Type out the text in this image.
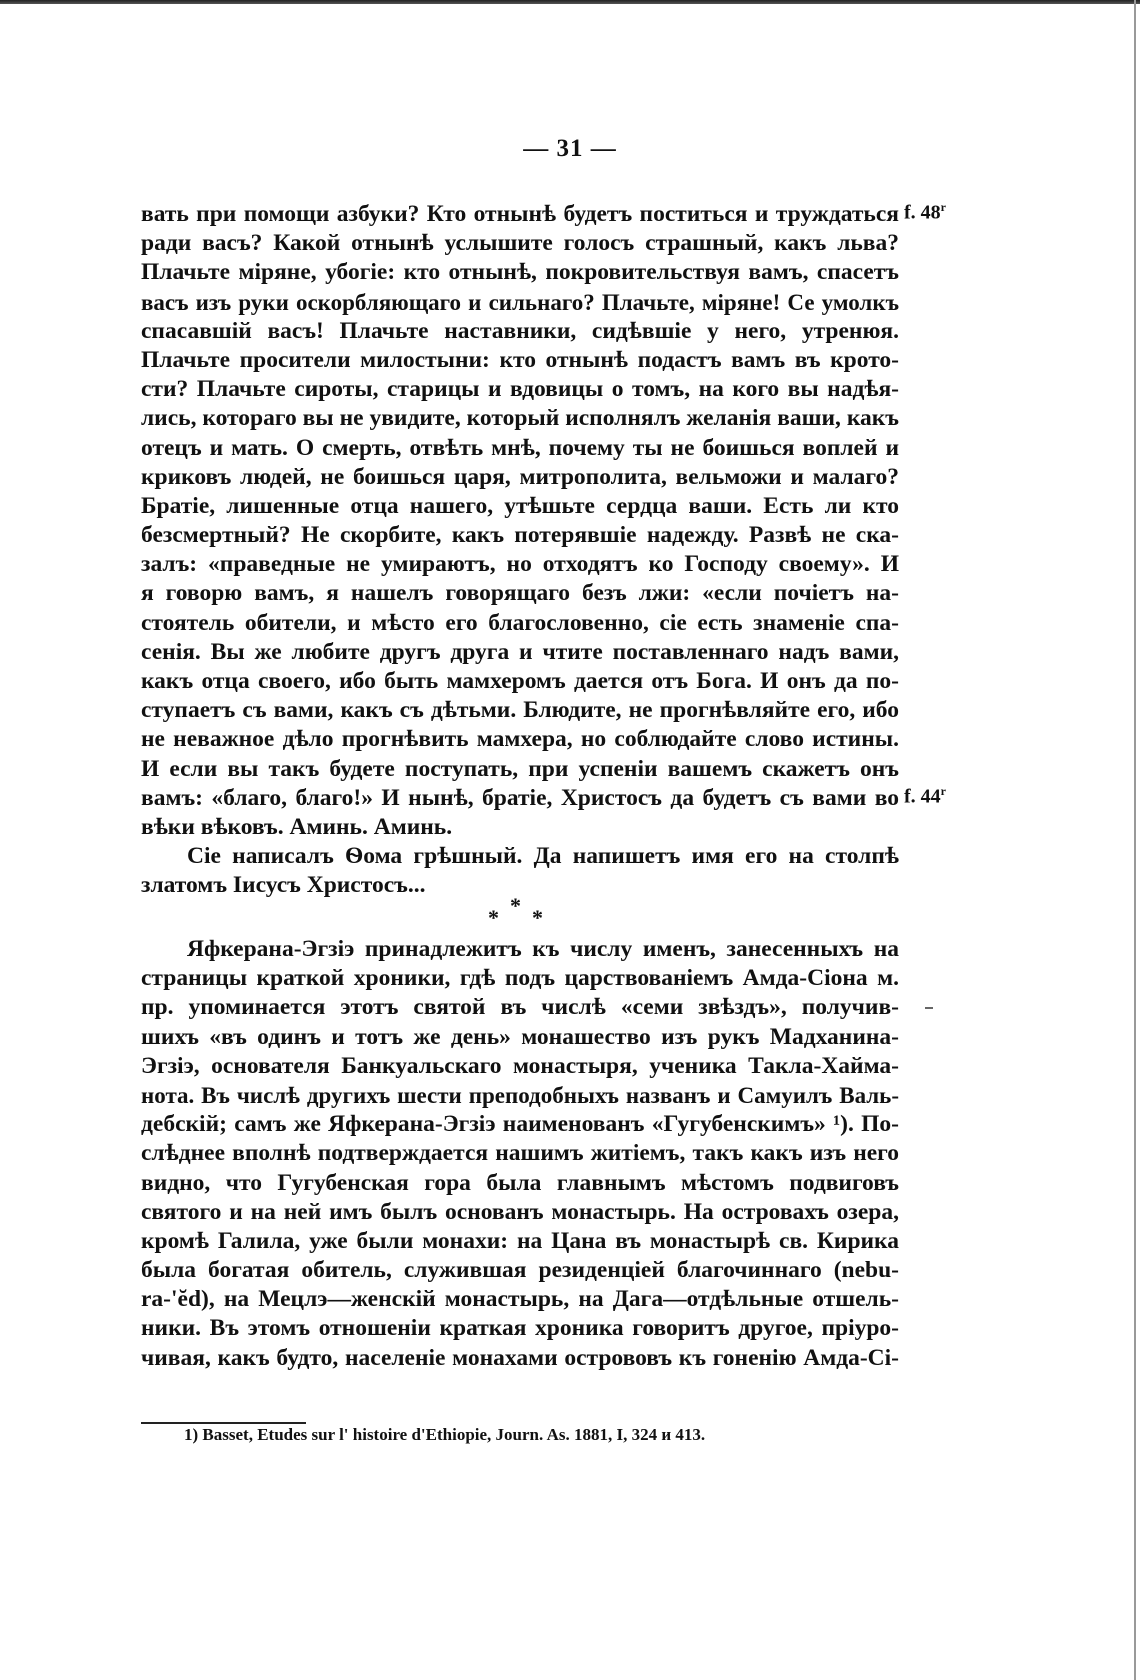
— 31 —
вать при помощи азбуки? Кто отнынѣ будетъ поститься и труждаться
ради васъ? Какой отнынѣ услышите голосъ страшный, какъ льва?
Плачьте міряне, убогіе: кто отнынѣ, покровительствуя вамъ, спасетъ
васъ изъ руки оскорбляющаго и сильнаго? Плачьте, міряне! Се умолкъ
спасавшій васъ! Плачьте наставники, сидѣвшіе у него, утренюя.
Плачьте просители милостыни: кто отнынѣ подастъ вамъ въ крото-
сти? Плачьте сироты, старицы и вдовицы о томъ, на кого вы надѣя-
лись, котораго вы не увидите, который исполнялъ желанія ваши, какъ
отецъ и мать. О смерть, отвѣть мнѣ, почему ты не боишься воплей и
криковъ людей, не боишься царя, митрополита, вельможи и малаго?
Братіе, лишенные отца нашего, утѣшьте сердца ваши. Есть ли кто
безсмертный? Не скорбите, какъ потерявшіе надежду. Развѣ не ска-
залъ: «праведные не умираютъ, но отходятъ ко Господу своему». И
я говорю вамъ, я нашелъ говорящаго безъ лжи: «если почіетъ на-
стоятель обители, и мѣсто его благословенно, сіе есть знаменіе спа-
сенія. Вы же любите другъ друга и чтите поставленнаго надъ вами,
какъ отца своего, ибо быть мамхеромъ дается отъ Бога. И онъ да по-
ступаетъ съ вами, какъ съ дѣтьми. Блюдите, не прогнѣвляйте его, ибо
не неважное дѣло прогнѣвить мамхера, но соблюдайте слово истины.
И если вы такъ будете поступать, при успеніи вашемъ скажетъ онъ
вамъ: «благо, благо!» И нынѣ, братіе, Христосъ да будетъ съ вами во
вѣки вѣковъ. Аминь. Аминь.
f. 48$^r$
f. 44$^r$
Сіе написалъ Ѳома грѣшный. Да напишетъ имя его на столпѣ
златомъ Іисусъ Христосъ...
* * *
Яфкерана-Эгзіэ принадлежитъ къ числу именъ, занесенныхъ на
страницы краткой хроники, гдѣ подъ царствованіемъ Амда-Сіона м.
пр. упоминается этотъ святой въ числѣ «семи звѣздъ», получив-
шихъ «въ одинъ и тотъ же день» монашество изъ рукъ Мадханина-
Эгзіэ, основателя Банкуальскаго монастыря, ученика Такла-Хайма-
нота. Въ числѣ другихъ шести преподобныхъ названъ и Самуилъ Валь-
дебскій; самъ же Яфкерана-Эгзіэ наименованъ «Гугубенскимъ» ¹). По-
слѣднее вполнѣ подтверждается нашимъ житіемъ, такъ какъ изъ него
видно, что Гугубенская гора была главнымъ мѣстомъ подвиговъ
святого и на ней имъ былъ основанъ монастырь. На островахъ озера,
кромѣ Галила, уже были монахи: на Цана въ монастырѣ св. Кирика
была богатая обитель, служившая резиденціей благочиннаго (nebu-
ra-'ĕd), на Мецлэ—женскій монастырь, на Дага—отдѣльные отшель-
ники. Въ этомъ отношеніи краткая хроника говоритъ другое, пріуро-
чивая, какъ будто, населеніе монахами острововъ къ гоненію Амда-Сі-
1) Basset, Etudes sur l' histoire d'Ethiopie, Journ. As. 1881, I, 324 и 413.
